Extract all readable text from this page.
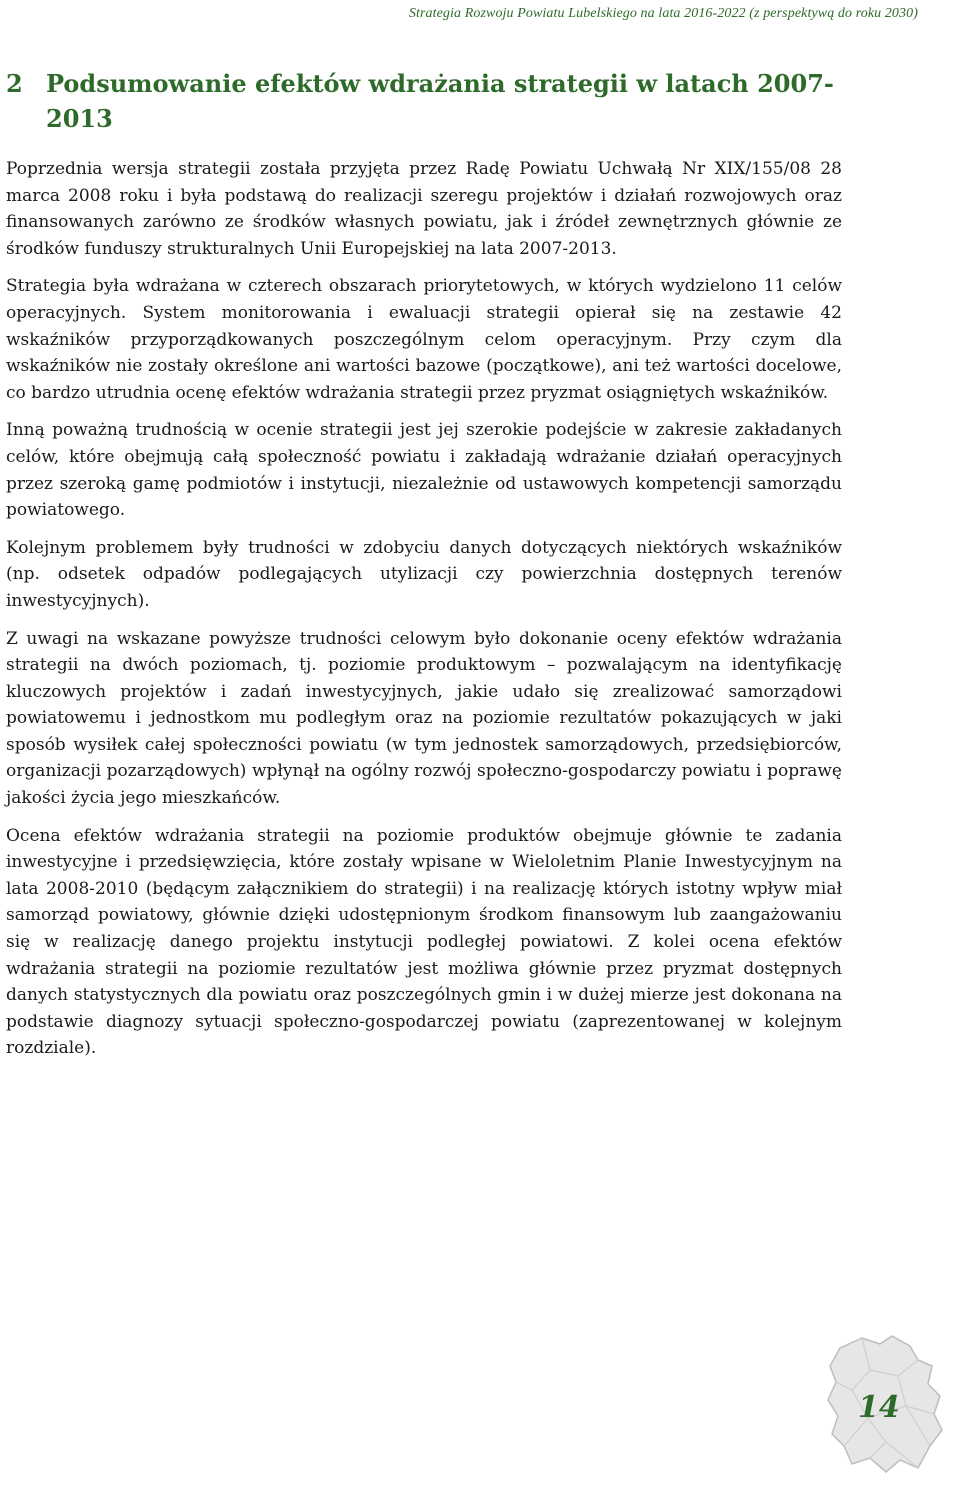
Strategia Rozwoju Powiatu Lubelskiego na lata 2016-2022 (z perspektywą do roku 2030)
2 Podsumowanie efektów wdrażania strategii w latach 2007-2013

Poprzednia wersja strategii została przyjęta przez Radę Powiatu Uchwałą Nr XIX/155/08 28 marca 2008 roku i była podstawą do realizacji szeregu projektów i działań rozwojowych oraz finansowanych zarówno ze środków własnych powiatu, jak i źródeł zewnętrznych głównie ze środków funduszy strukturalnych Unii Europejskiej na lata 2007-2013.

Strategia była wdrażana w czterech obszarach priorytetowych, w których wydzielono 11 celów operacyjnych. System monitorowania i ewaluacji strategii opierał się na zestawie 42 wskaźników przyporządkowanych poszczególnym celom operacyjnym. Przy czym dla wskaźników nie zostały określone ani wartości bazowe (początkowe), ani też wartości docelowe, co bardzo utrudnia ocenę efektów wdrażania strategii przez pryzmat osiągniętych wskaźników.

Inną poważną trudnością w ocenie strategii jest jej szerokie podejście w zakresie zakładanych celów, które obejmują całą społeczność powiatu i zakładają wdrażanie działań operacyjnych przez szeroką gamę podmiotów i instytucji, niezależnie od ustawowych kompetencji samorządu powiatowego.

Kolejnym problemem były trudności w zdobyciu danych dotyczących niektórych wskaźników (np. odsetek odpadów podlegających utylizacji czy powierzchnia dostępnych terenów inwestycyjnych).

Z uwagi na wskazane powyższe trudności celowym było dokonanie oceny efektów wdrażania strategii na dwóch poziomach, tj. poziomie produktowym – pozwalającym na identyfikację kluczowych projektów i zadań inwestycyjnych, jakie udało się zrealizować samorządowi powiatowemu i jednostkom mu podległym oraz na poziomie rezultatów pokazujących w jaki sposób wysiłek całej społeczności powiatu (w tym jednostek samorządowych, przedsiębiorców, organizacji pozarządowych) wpłynął na ogólny rozwój społeczno-gospodarczy powiatu i poprawę jakości życia jego mieszkańców.

Ocena efektów wdrażania strategii na poziomie produktów obejmuje głównie te zadania inwestycyjne i przedsięwzięcia, które zostały wpisane w Wieloletnim Planie Inwestycyjnym na lata 2008-2010 (będącym załącznikiem do strategii) i na realizację których istotny wpływ miał samorząd powiatowy, głównie dzięki udostępnionym środkom finansowym lub zaangażowaniu się w realizację danego projektu instytucji podległej powiatowi. Z kolei ocena efektów wdrażania strategii na poziomie rezultatów jest możliwa głównie przez pryzmat dostępnych danych statystycznych dla powiatu oraz poszczególnych gmin i w dużej mierze jest dokonana na podstawie diagnozy sytuacji społeczno-gospodarczej powiatu (zaprezentowanej w kolejnym rozdziale).

14
